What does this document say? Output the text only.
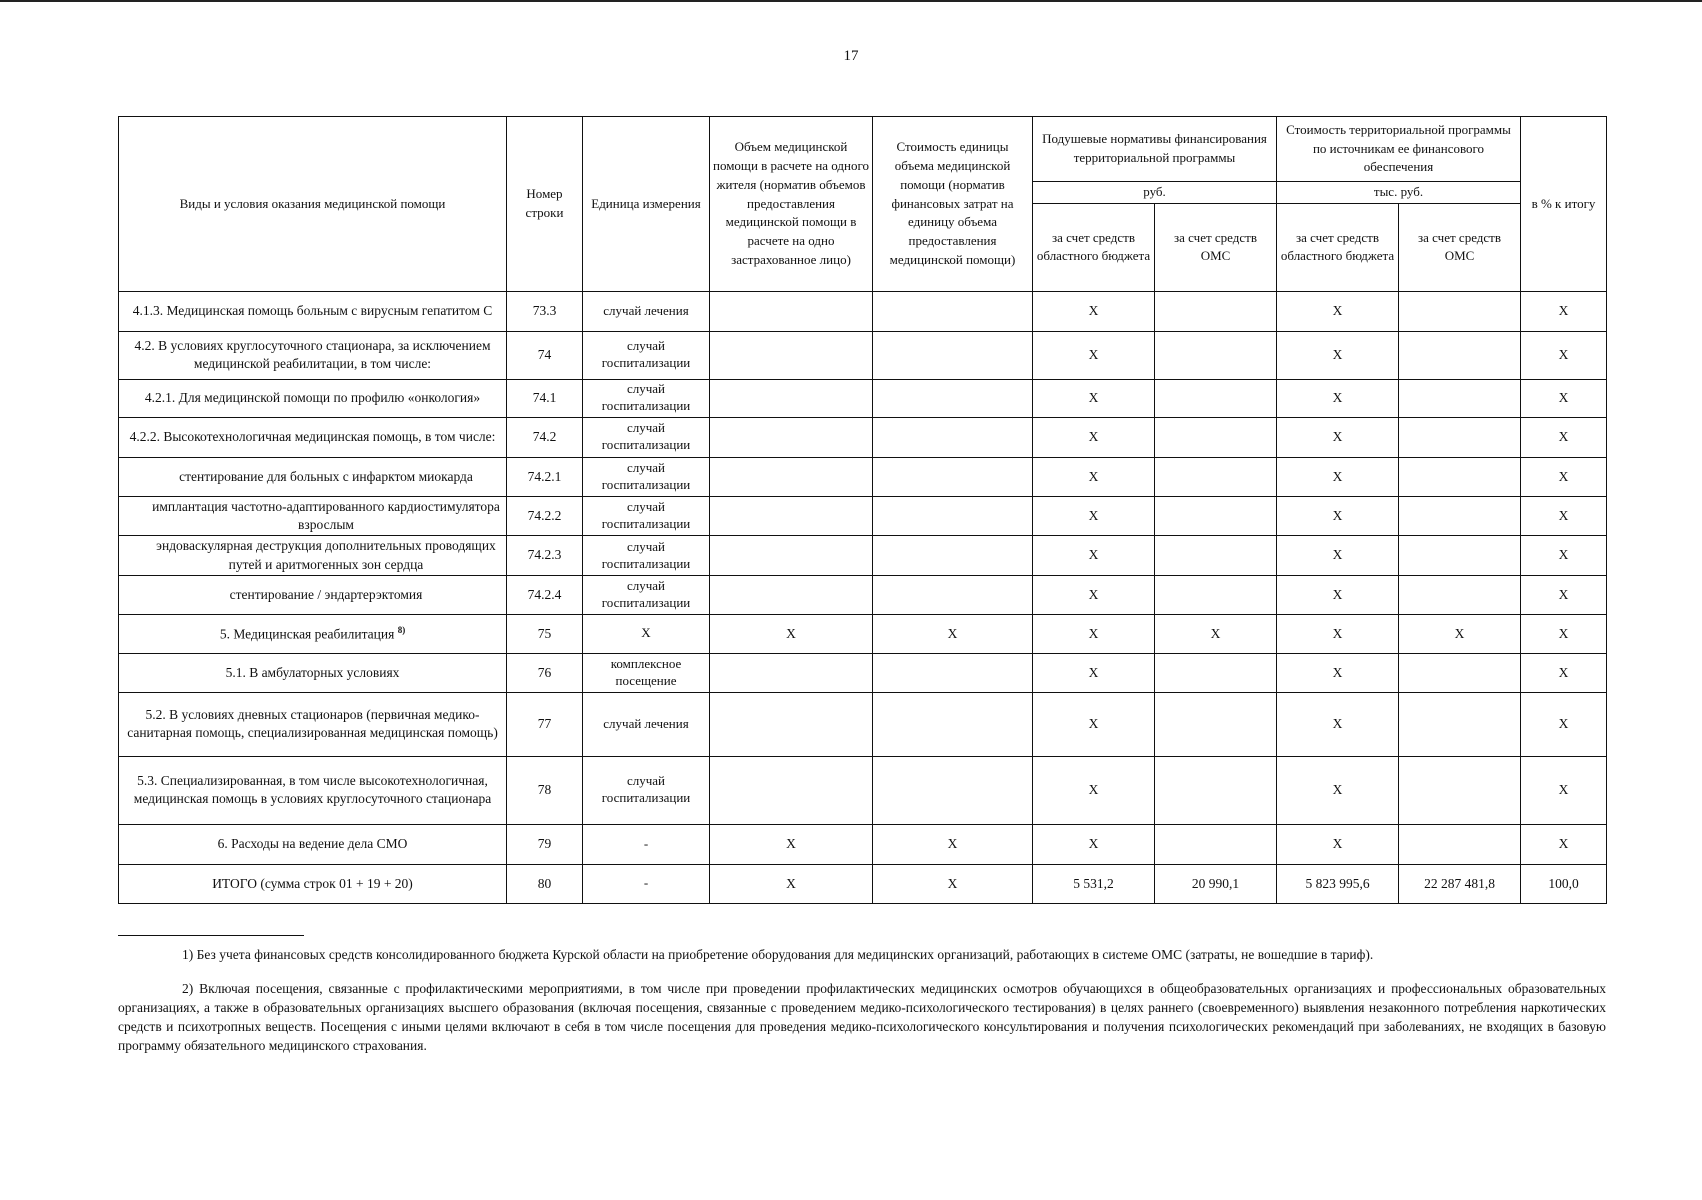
17
Виды и условия оказания медицинской помощи	Номер строки	Единица измерения	Объем медицинской помощи в расчете на одного жителя (норматив объемов предоставления медицинской помощи в расчете на одно застрахованное лицо)	Стоимость единицы объема медицинской помощи (норматив финансовых затрат на единицу объема предоставления медицинской помощи)	Подушевые нормативы финансирования территориальной программы		Стоимость территориальной программы по источникам ее финансового обеспечения		в % к итогу
					руб.		тыс. руб.		
					за счет средств областного бюджета	за счет средств ОМС	за счет средств областного бюджета	за счет средств ОМС	
4.1.3. Медицинская помощь больным с вирусным гепатитом С	73.3	случай лечения			X		X		X
4.2. В условиях круглосуточного стационара, за исключением медицинской реабилитации, в том числе:	74	случай госпитализации			X		X		X
4.2.1. Для медицинской помощи по профилю «онкология»	74.1	случай госпитализации			X		X		X
4.2.2. Высокотехнологичная медицинская помощь, в том числе:	74.2	случай госпитализации			X		X		X
стентирование для больных с инфарктом миокарда	74.2.1	случай госпитализации			X		X		X
имплантация частотно-адаптированного кардиостимулятора взрослым	74.2.2	случай госпитализации			X		X		X
эндоваскулярная деструкция дополнительных проводящих путей и аритмогенных зон сердца	74.2.3	случай госпитализации			X		X		X
стентирование / эндартерэктомия	74.2.4	случай госпитализации			X		X		X
5. Медицинская реабилитация $^{8)}$	75	X	X	X	X	X	X	X	X
5.1. В амбулаторных условиях	76	комплексное посещение			X		X		X
5.2. В условиях дневных стационаров (первичная медико-санитарная помощь, специализированная медицинская помощь)	77	случай лечения			X		X		X
5.3. Специализированная, в том числе высокотехнологичная, медицинская помощь в условиях круглосуточного стационара	78	случай госпитализации			X		X		X
6. Расходы на ведение дела СМО	79	-	X	X	X		X		X
ИТОГО (сумма строк 01 + 19 + 20)	80	-	X	X	5 531,2	20 990,1	5 823 995,6	22 287 481,8	100,0
1) Без учета финансовых средств консолидированного бюджета Курской области на приобретение оборудования для медицинских организаций, работающих в системе ОМС (затраты, не вошедшие в тариф).
2) Включая посещения, связанные с профилактическими мероприятиями, в том числе при проведении профилактических медицинских осмотров обучающихся в общеобразовательных организациях и профессиональных образовательных организациях, а также в образовательных организациях высшего образования (включая посещения, связанные с проведением медико-психологического тестирования) в целях раннего (своевременного) выявления незаконного потребления наркотических средств и психотропных веществ. Посещения с иными целями включают в себя в том числе посещения для проведения медико-психологического консультирования и получения психологических рекомендаций при заболеваниях, не входящих в базовую программу обязательного медицинского страхования.
